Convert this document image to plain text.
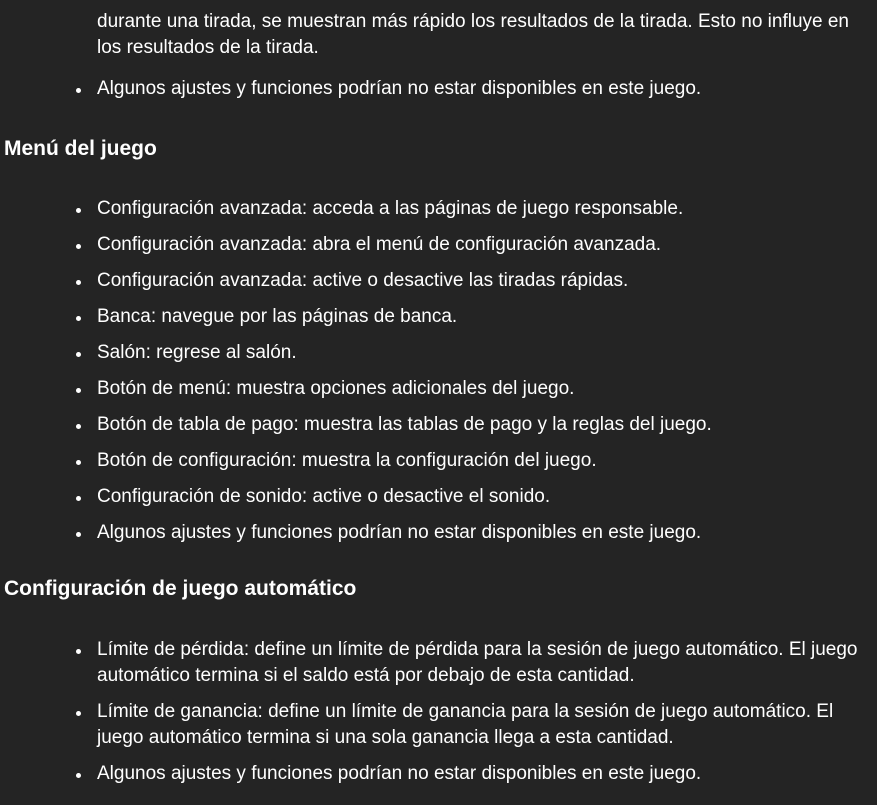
durante una tirada, se muestran más rápido los resultados de la tirada. Esto no influye en los resultados de la tirada.

Algunos ajustes y funciones podrían no estar disponibles en este juego.
Menú del juego
Configuración avanzada: acceda a las páginas de juego responsable.
Configuración avanzada: abra el menú de configuración avanzada.
Configuración avanzada: active o desactive las tiradas rápidas.
Banca: navegue por las páginas de banca.
Salón: regrese al salón.
Botón de menú: muestra opciones adicionales del juego.
Botón de tabla de pago: muestra las tablas de pago y la reglas del juego.
Botón de configuración: muestra la configuración del juego.
Configuración de sonido: active o desactive el sonido.
Algunos ajustes y funciones podrían no estar disponibles en este juego.
Configuración de juego automático
Límite de pérdida: define un límite de pérdida para la sesión de juego automático. El juego automático termina si el saldo está por debajo de esta cantidad.
Límite de ganancia: define un límite de ganancia para la sesión de juego automático. El juego automático termina si una sola ganancia llega a esta cantidad.
Algunos ajustes y funciones podrían no estar disponibles en este juego.
